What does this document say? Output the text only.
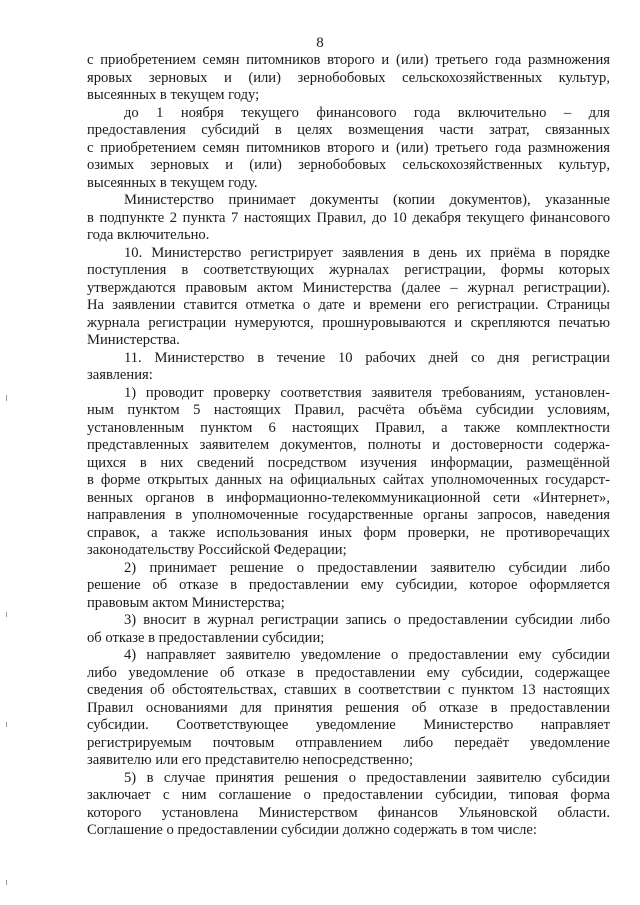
8
с приобретением семян питомников второго и (или) третьего года размножения
яровых зерновых и (или) зернобобовых сельскохозяйственных культур,
высеянных в текущем году;
до 1 ноября текущего финансового года включительно – для
предоставления субсидий в целях возмещения части затрат, связанных
с приобретением семян питомников второго и (или) третьего года размножения
озимых зерновых и (или) зернобобовых сельскохозяйственных культур,
высеянных в текущем году.
Министерство принимает документы (копии документов), указанные
в подпункте 2 пункта 7 настоящих Правил, до 10 декабря текущего финансового
года включительно.
10. Министерство регистрирует заявления в день их приёма в порядке
поступления в соответствующих журналах регистрации, формы которых
утверждаются правовым актом Министерства (далее – журнал регистрации).
На заявлении ставится отметка о дате и времени его регистрации. Страницы
журнала регистрации нумеруются, прошнуровываются и скрепляются печатью
Министерства.
11. Министерство в течение 10 рабочих дней со дня регистрации
заявления:
1) проводит проверку соответствия заявителя требованиям, установлен-
ным пунктом 5 настоящих Правил, расчёта объёма субсидии условиям,
установленным пунктом 6 настоящих Правил, а также комплектности
представленных заявителем документов, полноты и достоверности содержа-
щихся в них сведений посредством изучения информации, размещённой
в форме открытых данных на официальных сайтах уполномоченных государст-
венных органов в информационно-телекоммуникационной сети «Интернет»,
направления в уполномоченные государственные органы запросов, наведения
справок, а также использования иных форм проверки, не противоречащих
законодательству Российской Федерации;
2) принимает решение о предоставлении заявителю субсидии либо
решение об отказе в предоставлении ему субсидии, которое оформляется
правовым актом Министерства;
3) вносит в журнал регистрации запись о предоставлении субсидии либо
об отказе в предоставлении субсидии;
4) направляет заявителю уведомление о предоставлении ему субсидии
либо уведомление об отказе в предоставлении ему субсидии, содержащее
сведения об обстоятельствах, ставших в соответствии с пунктом 13 настоящих
Правил основаниями для принятия решения об отказе в предоставлении
субсидии. Соответствующее уведомление Министерство направляет
регистрируемым почтовым отправлением либо передаёт уведомление
заявителю или его представителю непосредственно;
5) в случае принятия решения о предоставлении заявителю субсидии
заключает с ним соглашение о предоставлении субсидии, типовая форма
которого установлена Министерством финансов Ульяновской области.
Соглашение о предоставлении субсидии должно содержать в том числе:
